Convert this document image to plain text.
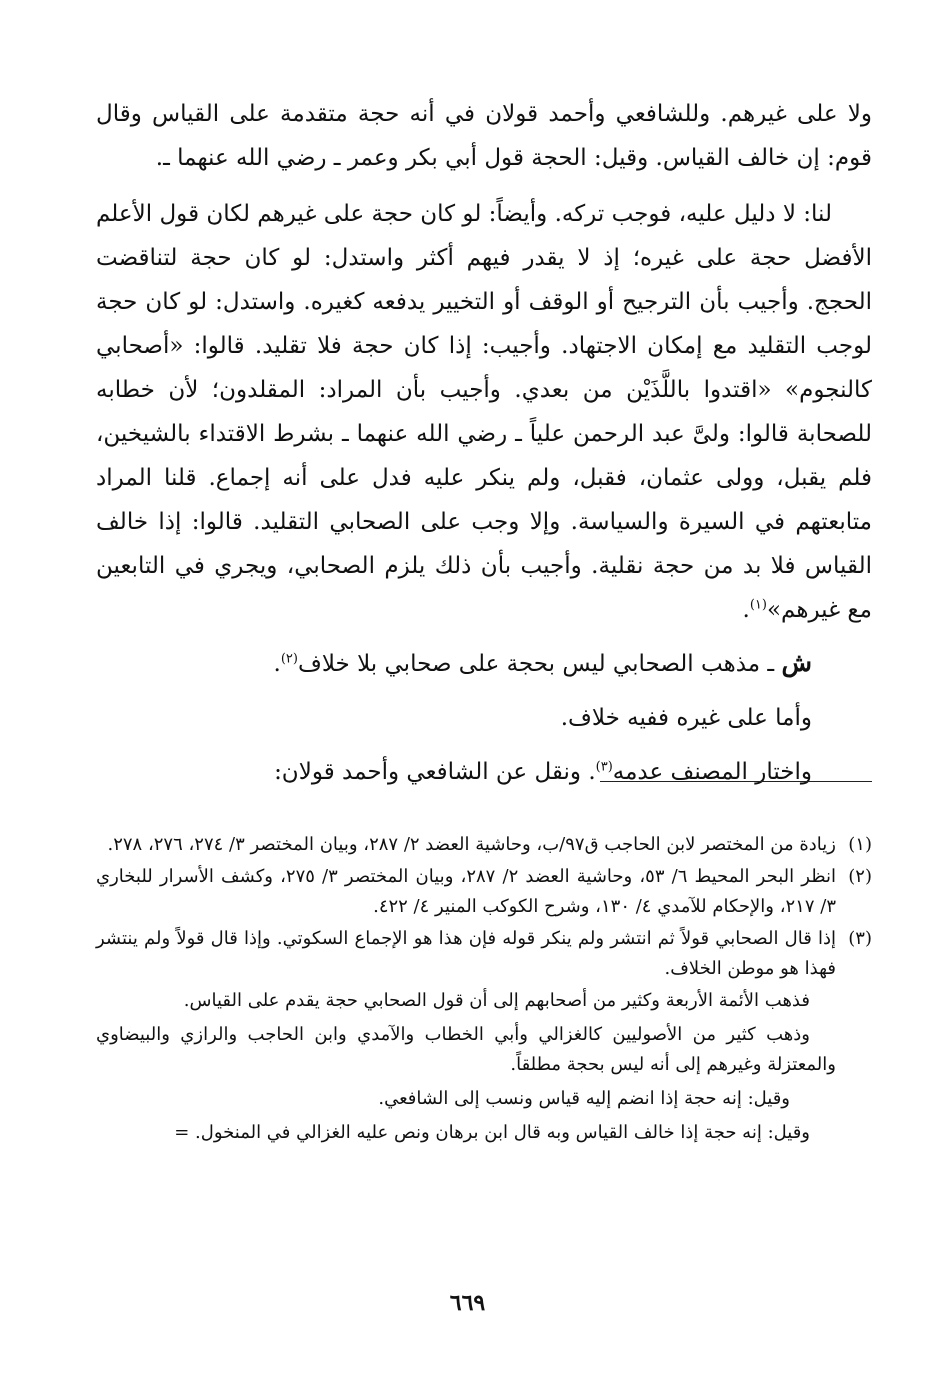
ولا على غيرهم. وللشافعي وأحمد قولان في أنه حجة متقدمة على القياس وقال قوم: إن خالف القياس. وقيل: الحجة قول أبي بكر وعمر ـ رضي الله عنهما ـ.

لنا: لا دليل عليه، فوجب تركه. وأيضاً: لو كان حجة على غيرهم لكان قول الأعلم الأفضل حجة على غيره؛ إذ لا يقدر فيهم أكثر واستدل: لو كان حجة لتناقضت الحجج. وأجيب بأن الترجيح أو الوقف أو التخيير يدفعه كغيره. واستدل: لو كان حجة لوجب التقليد مع إمكان الاجتهاد. وأجيب: إذا كان حجة فلا تقليد. قالوا: «أصحابي كالنجوم» «اقتدوا باللَّذَيْن من بعدي. وأجيب بأن المراد: المقلدون؛ لأن خطابه للصحابة قالوا: ولىَّ عبد الرحمن علياً ـ رضي الله عنهما ـ بشرط الاقتداء بالشيخين، فلم يقبل، وولى عثمان، فقبل، ولم ينكر عليه فدل على أنه إجماع. قلنا المراد متابعتهم في السيرة والسياسة. وإلا وجب على الصحابي التقليد. قالوا: إذا خالف القياس فلا بد من حجة نقلية. وأجيب بأن ذلك يلزم الصحابي، ويجري في التابعين مع غيرهم»$^{(١)}$.

ش ـ مذهب الصحابي ليس بحجة على صحابي بلا خلاف$^{(٢)}$.

وأما على غيره ففيه خلاف.

واختار المصنف عدمه$^{(٣)}$. ونقل عن الشافعي وأحمد قولان:

(١)
زيادة من المختصر لابن الحاجب ق٩٧/ب، وحاشية العضد ٢/ ٢٨٧، وبيان المختصر ٣/ ٢٧٤، ٢٧٦، ٢٧٨.
(٢)
انظر البحر المحيط ٦/ ٥٣، وحاشية العضد ٢/ ٢٨٧، وبيان المختصر ٣/ ٢٧٥، وكشف الأسرار للبخاري ٣/ ٢١٧، والإحكام للآمدي ٤/ ١٣٠، وشرح الكوكب المنير ٤/ ٤٢٢.
(٣)
إذا قال الصحابي قولاً ثم انتشر ولم ينكر قوله فإن هذا هو الإجماع السكوتي. وإذا قال قولاً ولم ينتشر فهذا هو موطن الخلاف.
فذهب الأئمة الأربعة وكثير من أصحابهم إلى أن قول الصحابي حجة يقدم على القياس.
وذهب كثير من الأصوليين كالغزالي وأبي الخطاب والآمدي وابن الحاجب والرازي والبيضاوي والمعتزلة وغيرهم إلى أنه ليس بحجة مطلقاً.
وقيل: إنه حجة إذا انضم إليه قياس ونسب إلى الشافعي.
وقيل: إنه حجة إذا خالف القياس وبه قال ابن برهان ونص عليه الغزالي في المنخول. =
٦٦٩
